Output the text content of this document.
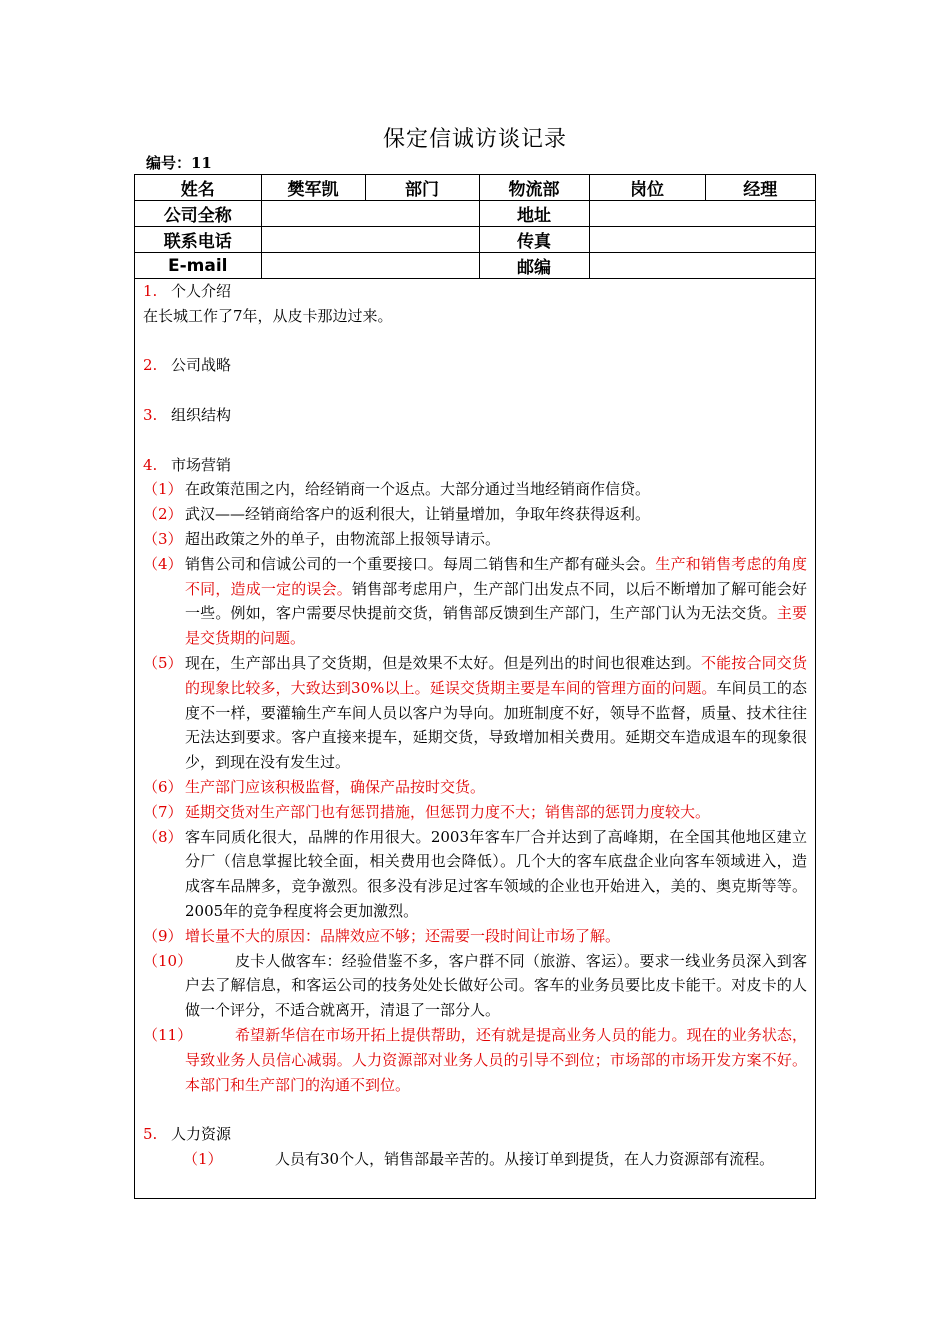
保定信诚访谈记录
编号：11
姓名	樊军凯	部门	物流部	岗位	经理
公司全称			地址		
联系电话			传真		
E-mail			邮编		

1. 个人介绍

在长城工作了7年，从皮卡那边过来。

2. 公司战略

3. 组织结构

4. 市场营销

（1） 在政策范围之内，给经销商一个返点。大部分通过当地经销商作信贷。

（2） 武汉——经销商给客户的返利很大，让销量增加，争取年终获得返利。

（3） 超出政策之外的单子，由物流部上报领导请示。

（4） 销售公司和信诚公司的一个重要接口。每周二销售和生产都有碰头会。生产和销售考虑的角度不同，造成一定的误会。销售部考虑用户，生产部门出发点不同，以后不断增加了解可能会好一些。例如，客户需要尽快提前交货，销售部反馈到生产部门，生产部门认为无法交货。主要是交货期的问题。

（5） 现在，生产部出具了交货期，但是效果不太好。但是列出的时间也很难达到。不能按合同交货的现象比较多，大致达到30%以上。延误交货期主要是车间的管理方面的问题。车间员工的态度不一样，要灌输生产车间人员以客户为导向。加班制度不好，领导不监督，质量、技术往往无法达到要求。客户直接来提车，延期交货，导致增加相关费用。延期交车造成退车的现象很少，到现在没有发生过。

（6） 生产部门应该积极监督，确保产品按时交货。

（7） 延期交货对生产部门也有惩罚措施，但惩罚力度不大；销售部的惩罚力度较大。

（8） 客车同质化很大，品牌的作用很大。2003年客车厂合并达到了高峰期，在全国其他地区建立分厂（信息掌握比较全面，相关费用也会降低）。几个大的客车底盘企业向客车领域进入，造成客车品牌多，竞争激烈。很多没有涉足过客车领域的企业也开始进入，美的、奥克斯等等。2005年的竞争程度将会更加激烈。

（9） 增长量不大的原因：品牌效应不够；还需要一段时间让市场了解。

（10）	皮卡人做客车：经验借鉴不多，客户群不同（旅游、客运）。要求一线业务员深入到客户去了解信息，和客运公司的技务处处长做好公司。客车的业务员要比皮卡能干。对皮卡的人做一个评分，不适合就离开，清退了一部分人。

（11）	希望新华信在市场开拓上提供帮助，还有就是提高业务人员的能力。现在的业务状态，导致业务人员信心减弱。人力资源部对业务人员的引导不到位；市场部的市场开发方案不好。本部门和生产部门的沟通不到位。

5. 人力资源

（1）	人员有30个人，销售部最辛苦的。从接订单到提货，在人力资源部有流程。
